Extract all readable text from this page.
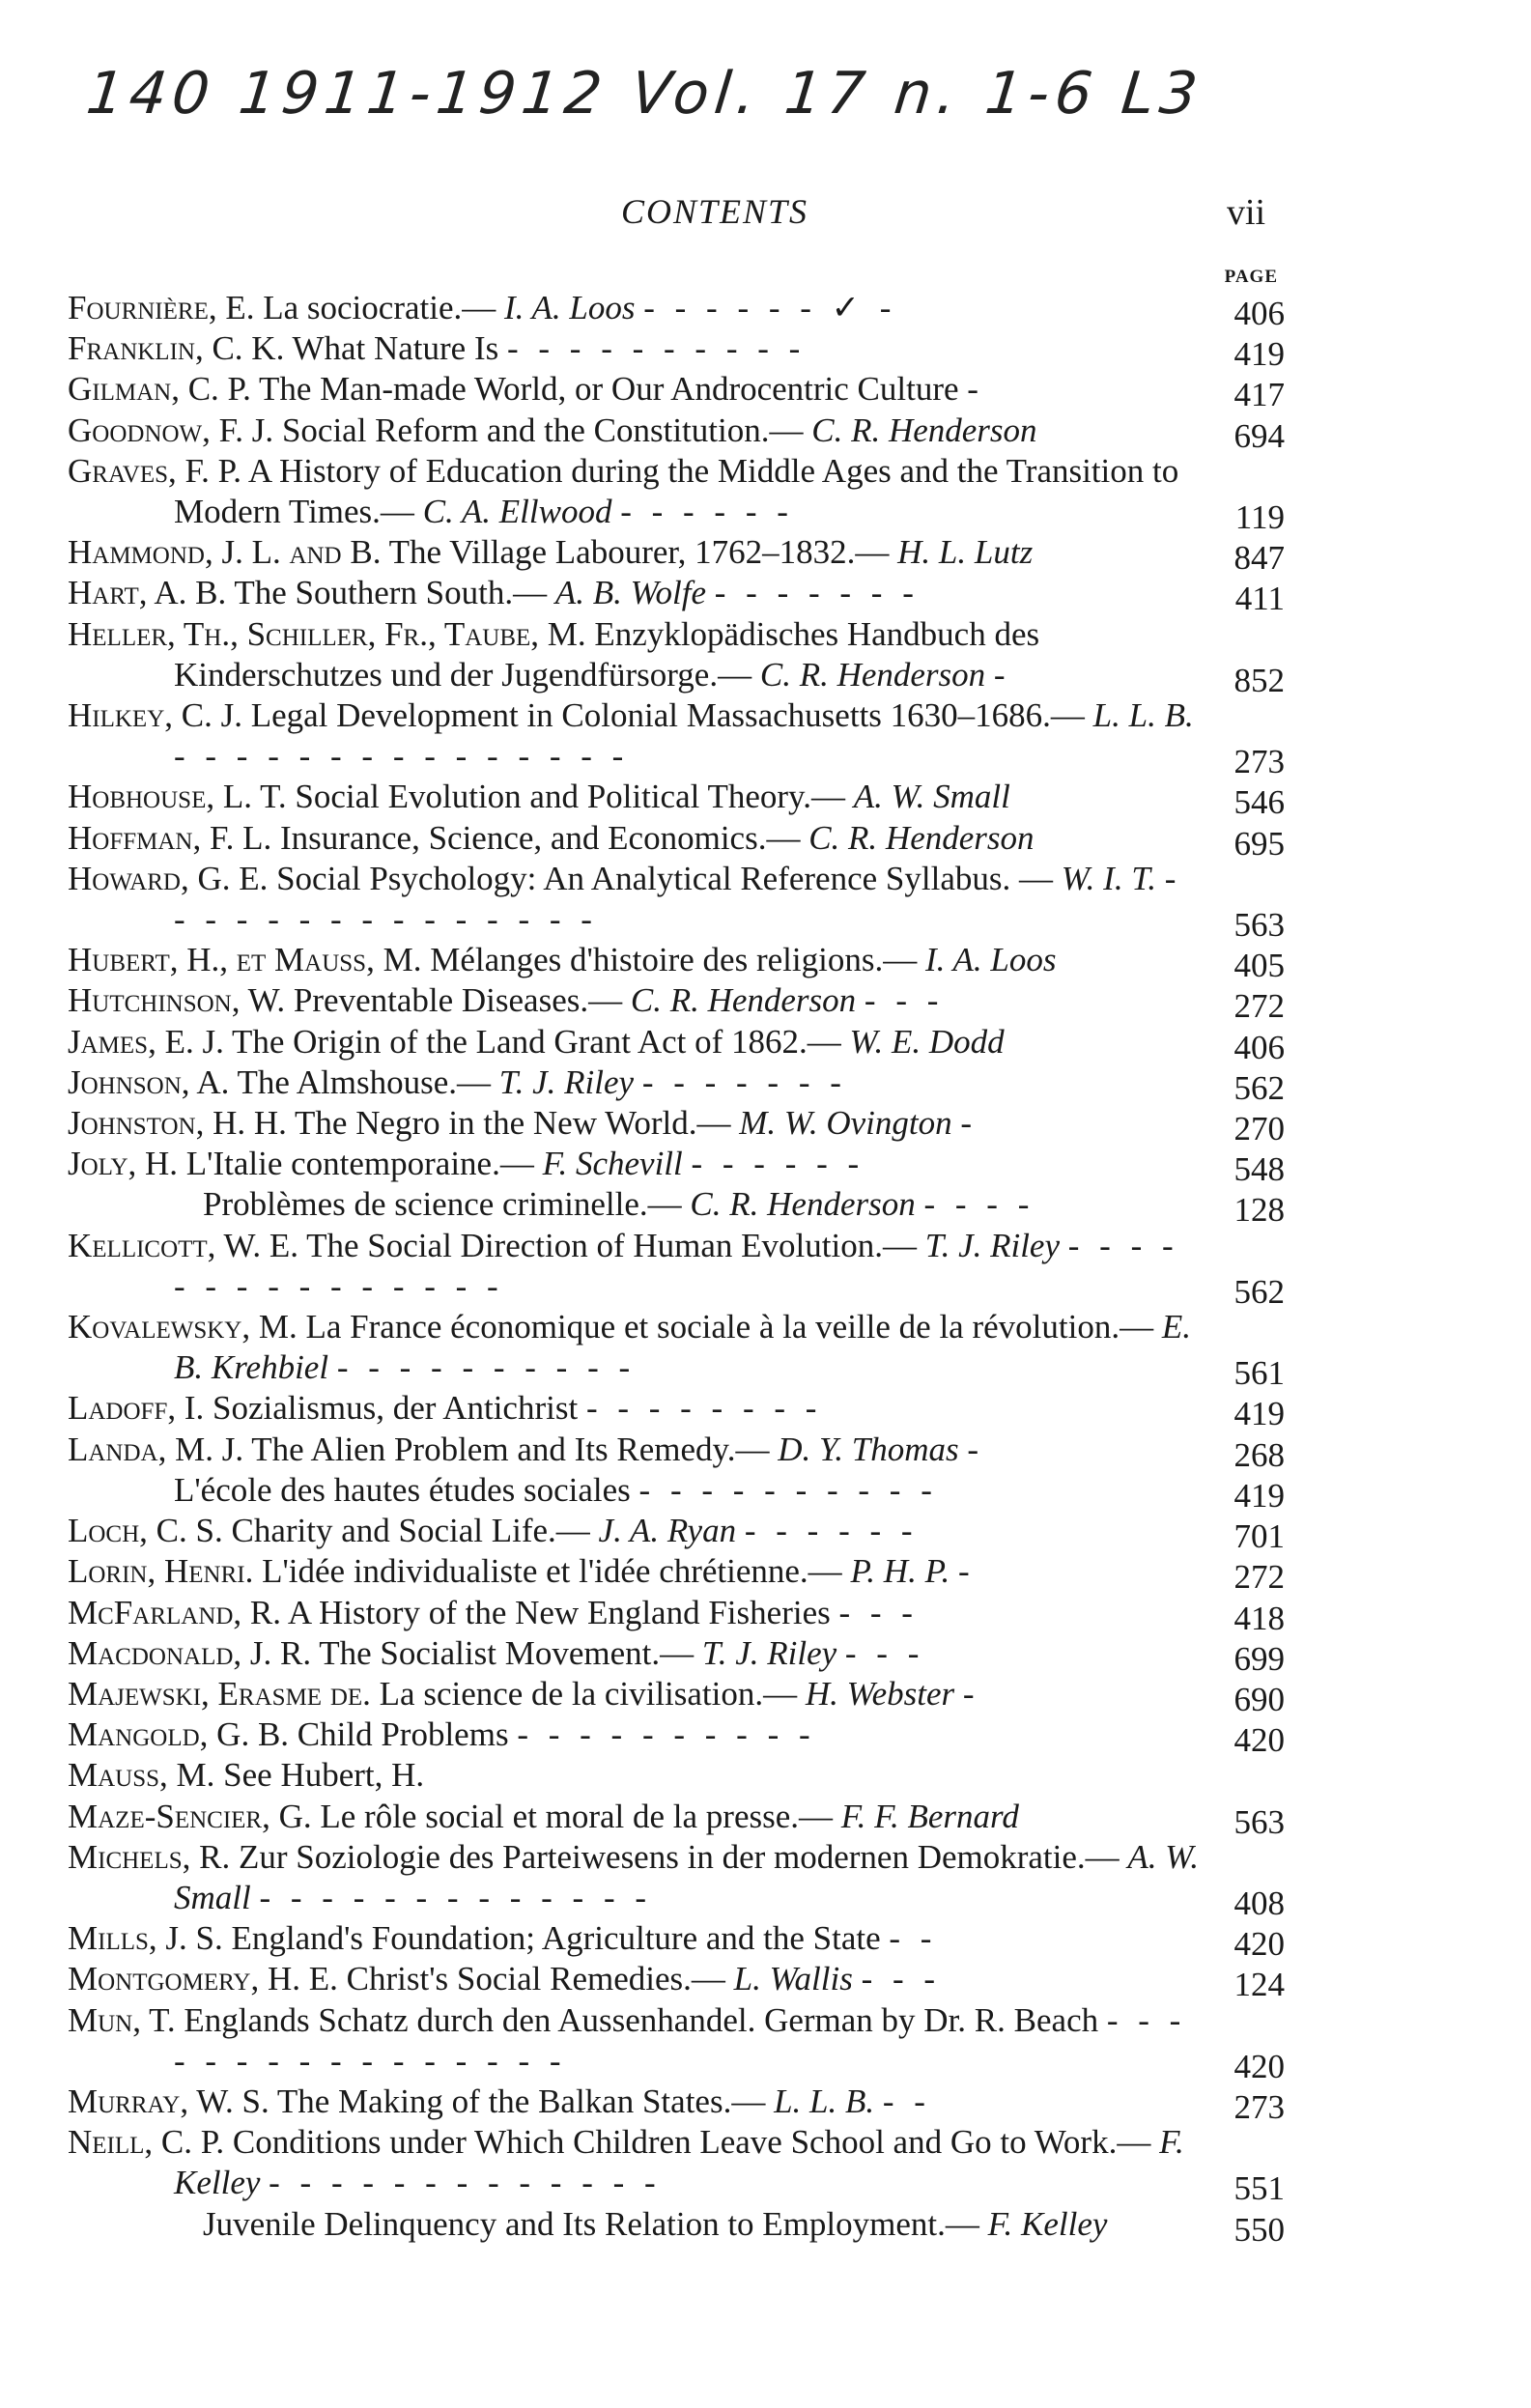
140 1911-1912 Vol. 17 n. 1-6 L3
CONTENTS	vii
PAGE
Fournière, E. La sociocratie.— I. A. Loos - - - - - - ✓ -	406
Franklin, C. K. What Nature Is - - - - - - - - - -	419
Gilman, C. P. The Man-made World, or Our Androcentric Culture -	417
Goodnow, F. J. Social Reform and the Constitution.— C. R. Henderson	694
Graves, F. P. A History of Education during the Middle Ages and the Transition to Modern Times.— C. A. Ellwood - - - - - -	119
Hammond, J. L. and B. The Village Labourer, 1762–1832.— H. L. Lutz	847
Hart, A. B. The Southern South.— A. B. Wolfe - - - - - - -	411
Heller, Th., Schiller, Fr., Taube, M. Enzyklopädisches Handbuch des Kinderschutzes und der Jugendfürsorge.— C. R. Henderson -	852
Hilkey, C. J. Legal Development in Colonial Massachusetts 1630–1686.— L. L. B. - - - - - - - - - - - - - - -	273
Hobhouse, L. T. Social Evolution and Political Theory.— A. W. Small	546
Hoffman, F. L. Insurance, Science, and Economics.— C. R. Henderson	695
Howard, G. E. Social Psychology: An Analytical Reference Syllabus. — W. I. T. - - - - - - - - - - - - - - -	563
Hubert, H., et Mauss, M. Mélanges d'histoire des religions.— I. A. Loos	405
Hutchinson, W. Preventable Diseases.— C. R. Henderson - - -	272
James, E. J. The Origin of the Land Grant Act of 1862.— W. E. Dodd	406
Johnson, A. The Almshouse.— T. J. Riley - - - - - - -	562
Johnston, H. H. The Negro in the New World.— M. W. Ovington -	270
Joly, H. L'Italie contemporaine.— F. Schevill - - - - - -	548
Problèmes de science criminelle.— C. R. Henderson - - - -	128
Kellicott, W. E. The Social Direction of Human Evolution.— T. J. Riley - - - - - - - - - - - - - - -	562
Kovalewsky, M. La France économique et sociale à la veille de la révolution.— E. B. Krehbiel - - - - - - - - - -	561
Ladoff, I. Sozialismus, der Antichrist - - - - - - - -	419
Landa, M. J. The Alien Problem and Its Remedy.— D. Y. Thomas -	268
L'école des hautes études sociales - - - - - - - - - -	419
Loch, C. S. Charity and Social Life.— J. A. Ryan - - - - - -	701
Lorin, Henri. L'idée individualiste et l'idée chrétienne.— P. H. P. -	272
McFarland, R. A History of the New England Fisheries - - -	418
Macdonald, J. R. The Socialist Movement.— T. J. Riley - - -	699
Majewski, Erasme de. La science de la civilisation.— H. Webster -	690
Mangold, G. B. Child Problems - - - - - - - - - -	420
Mauss, M. See Hubert, H.
Maze-Sencier, G. Le rôle social et moral de la presse.— F. F. Bernard	563
Michels, R. Zur Soziologie des Parteiwesens in der modernen Demokratie.— A. W. Small - - - - - - - - - - - - -	408
Mills, J. S. England's Foundation; Agriculture and the State - -	420
Montgomery, H. E. Christ's Social Remedies.— L. Wallis - - -	124
Mun, T. Englands Schatz durch den Aussenhandel. German by Dr. R. Beach - - - - - - - - - - - - - - - -	420
Murray, W. S. The Making of the Balkan States.— L. L. B. - -	273
Neill, C. P. Conditions under Which Children Leave School and Go to Work.— F. Kelley - - - - - - - - - - - - -	551
Juvenile Delinquency and Its Relation to Employment.— F. Kelley	550
